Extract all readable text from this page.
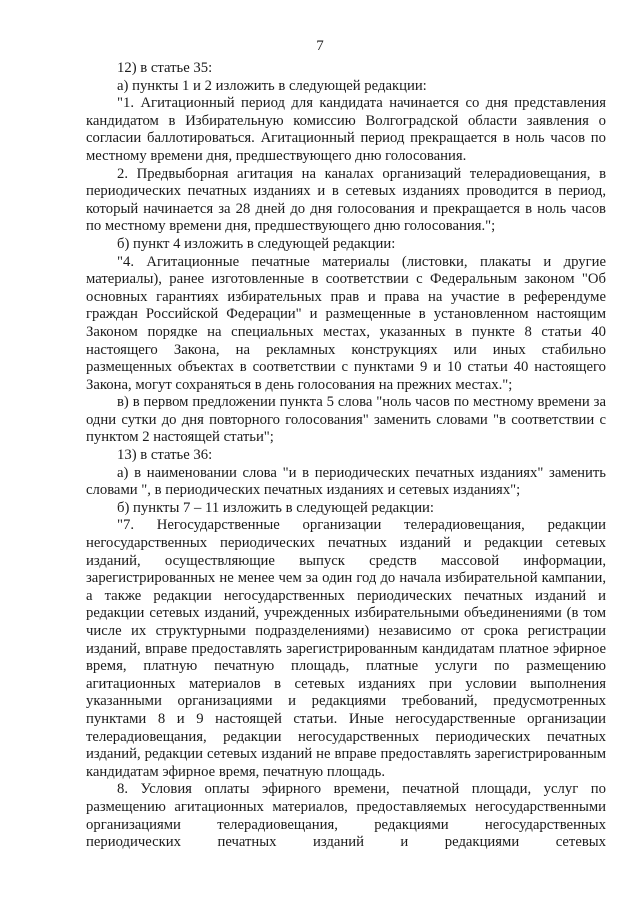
7

12) в статье 35:

а) пункты 1 и 2 изложить в следующей редакции:

"1. Агитационный период для кандидата начинается со дня представления кандидатом в Избирательную комиссию Волгоградской области заявления о согласии баллотироваться. Агитационный период прекращается в ноль часов по местному времени дня, предшествующего дню голосования.

2. Предвыборная агитация на каналах организаций телерадиовещания, в периодических печатных изданиях и в сетевых изданиях проводится в период, который начинается за 28 дней до дня голосования и прекращается в ноль часов по местному времени дня, предшествующего дню голосования.";

б) пункт 4 изложить в следующей редакции:

"4. Агитационные печатные материалы (листовки, плакаты и другие материалы), ранее изготовленные в соответствии с Федеральным законом "Об основных гарантиях избирательных прав и права на участие в референдуме граждан Российской Федерации" и размещенные в установленном настоящим Законом порядке на специальных местах, указанных в пункте 8 статьи 40 настоящего Закона, на рекламных конструкциях или иных стабильно размещенных объектах в соответствии с пунктами 9 и 10 статьи 40 настоящего Закона, могут сохраняться в день голосования на прежних местах.";

в) в первом предложении пункта 5 слова "ноль часов по местному времени за одни сутки до дня повторного голосования" заменить словами "в соответствии с пунктом 2 настоящей статьи";

13) в статье 36:

а) в наименовании слова "и в периодических печатных изданиях" заменить словами ", в периодических печатных изданиях и сетевых изданиях";

б) пункты 7 – 11 изложить в следующей редакции:

"7. Негосударственные организации телерадиовещания, редакции негосударственных периодических печатных изданий и редакции сетевых изданий, осуществляющие выпуск средств массовой информации, зарегистрированных не менее чем за один год до начала избирательной кампании, а также редакции негосударственных периодических печатных изданий и редакции сетевых изданий, учрежденных избирательными объединениями (в том числе их структурными подразделениями) независимо от срока регистрации изданий, вправе предоставлять зарегистрированным кандидатам платное эфирное время, платную печатную площадь, платные услуги по размещению агитационных материалов в сетевых изданиях при условии выполнения указанными организациями и редакциями требований, предусмотренных пунктами 8 и 9 настоящей статьи. Иные негосударственные организации телерадиовещания, редакции негосударственных периодических печатных изданий, редакции сетевых изданий не вправе предоставлять зарегистрированным кандидатам эфирное время, печатную площадь.

8. Условия оплаты эфирного времени, печатной площади, услуг по размещению агитационных материалов, предоставляемых негосударственными организациями телерадиовещания, редакциями негосударственных периодических печатных изданий и редакциями сетевых
